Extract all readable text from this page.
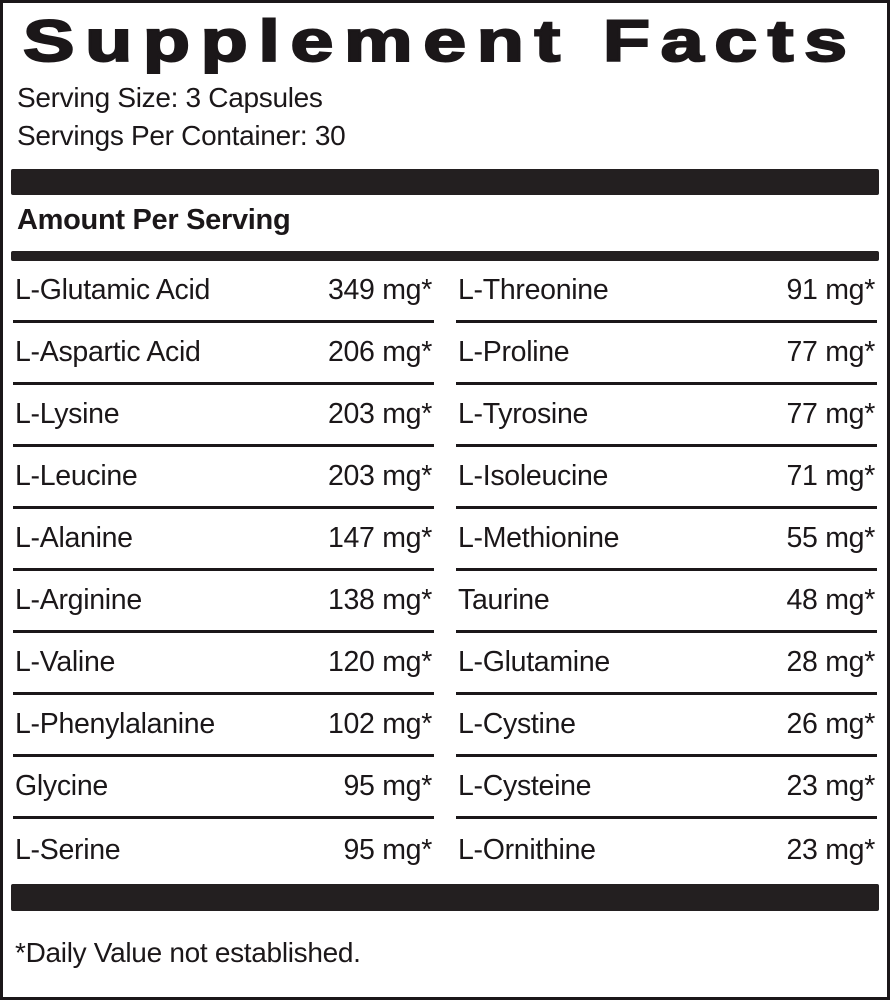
Supplement Facts
Serving Size: 3 Capsules
Servings Per Container: 30
Amount Per Serving
L-Glutamic Acid	349 mg*
L-Aspartic Acid	206 mg*
L-Lysine	203 mg*
L-Leucine	203 mg*
L-Alanine	147 mg*
L-Arginine	138 mg*
L-Valine	120 mg*
L-Phenylalanine	102 mg*
Glycine	95 mg*
L-Serine	95 mg*
L-Threonine	91 mg*
L-Proline	77 mg*
L-Tyrosine	77 mg*
L-Isoleucine	71 mg*
L-Methionine	55 mg*
Taurine	48 mg*
L-Glutamine	28 mg*
L-Cystine	26 mg*
L-Cysteine	23 mg*
L-Ornithine	23 mg*
*Daily Value not established.
